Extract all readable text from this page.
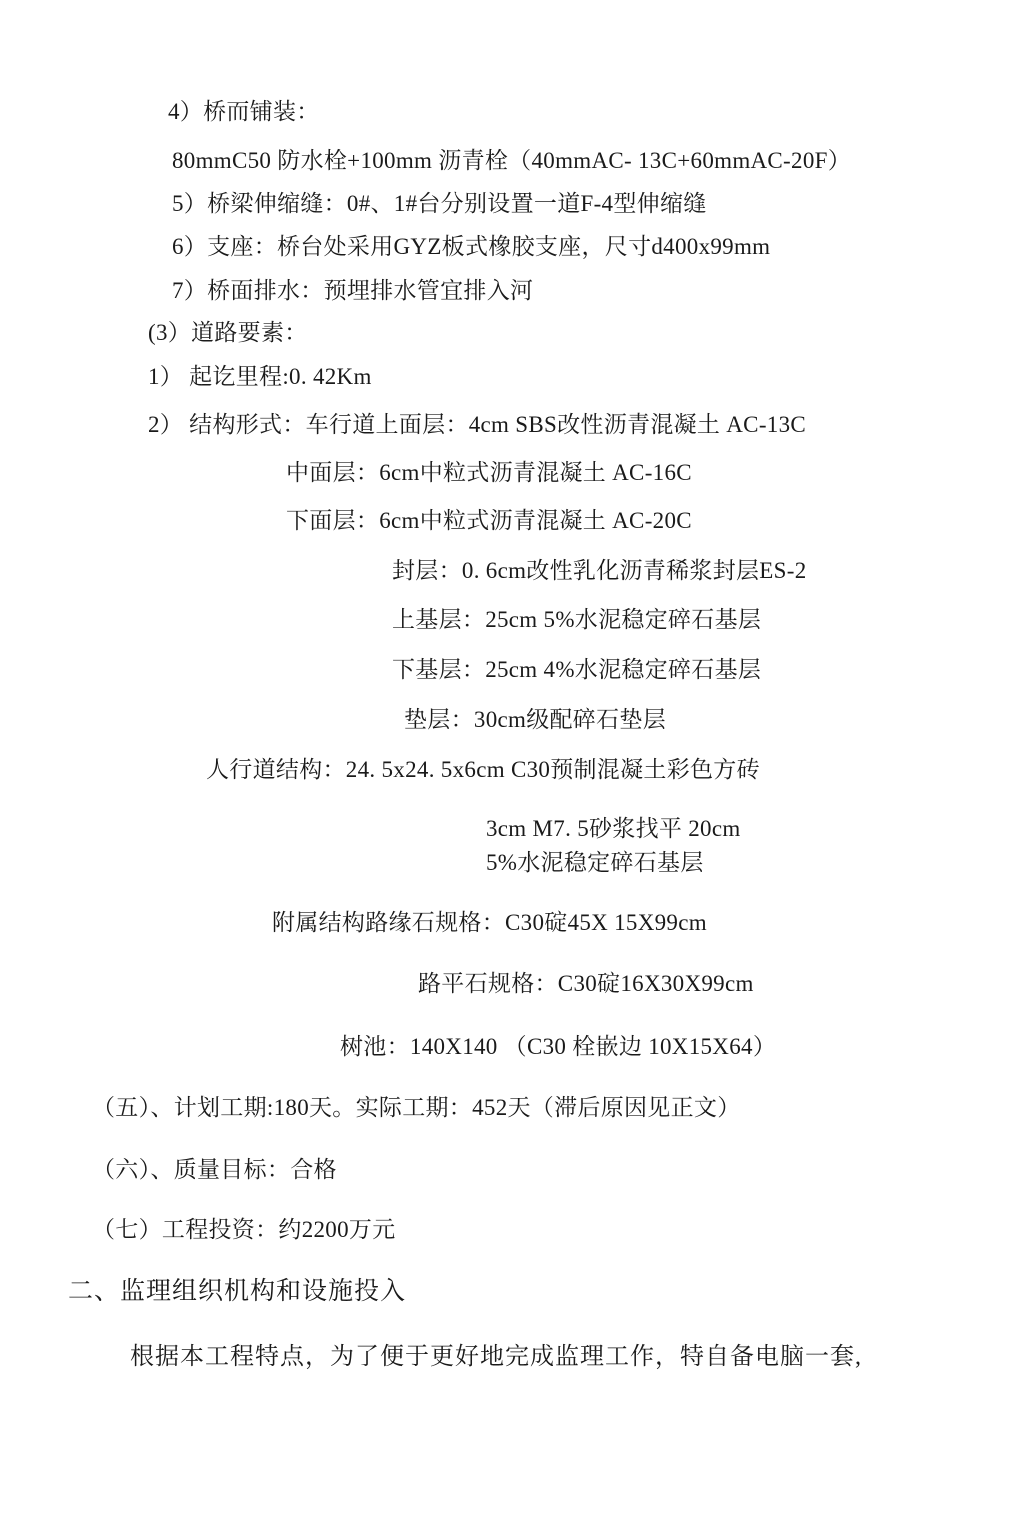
4）桥而铺装：
80mmC50 防水栓+100mm 沥青栓（40mmAC- 13C+60mmAC-20F）
5）桥梁伸缩缝：0#、1#台分别设置一道F-4型伸缩缝
6）支座：桥台处采用GYZ板式橡胶支座，尺寸d400x99mm
7）桥面排水：预埋排水管宜排入河
(3）道路要素：
1） 起讫里程:0. 42Km
2） 结构形式：车行道上面层：4cm SBS改性沥青混凝土 AC-13C
中面层：6cm中粒式沥青混凝土 AC-16C
下面层：6cm中粒式沥青混凝土 AC-20C
封层：0. 6cm改性乳化沥青稀浆封层ES-2
上基层：25cm 5%水泥稳定碎石基层
下基层：25cm 4%水泥稳定碎石基层
垫层：30cm级配碎石垫层
人行道结构：24. 5x24. 5x6cm C30预制混凝土彩色方砖
3cm M7. 5砂浆找平 20cm
5%水泥稳定碎石基层
附属结构路缘石规格：C30碇45X 15X99cm
路平石规格：C30碇16X30X99cm
树池：140X140 （C30 栓嵌边 10X15X64）
（五）、计划工期:180天。实际工期：452天（滞后原因见正文）
（六）、质量目标：合格
（七）工程投资：约2200万元
二、监理组织机构和设施投入
根据本工程特点，为了便于更好地完成监理工作，特自备电脑一套,
